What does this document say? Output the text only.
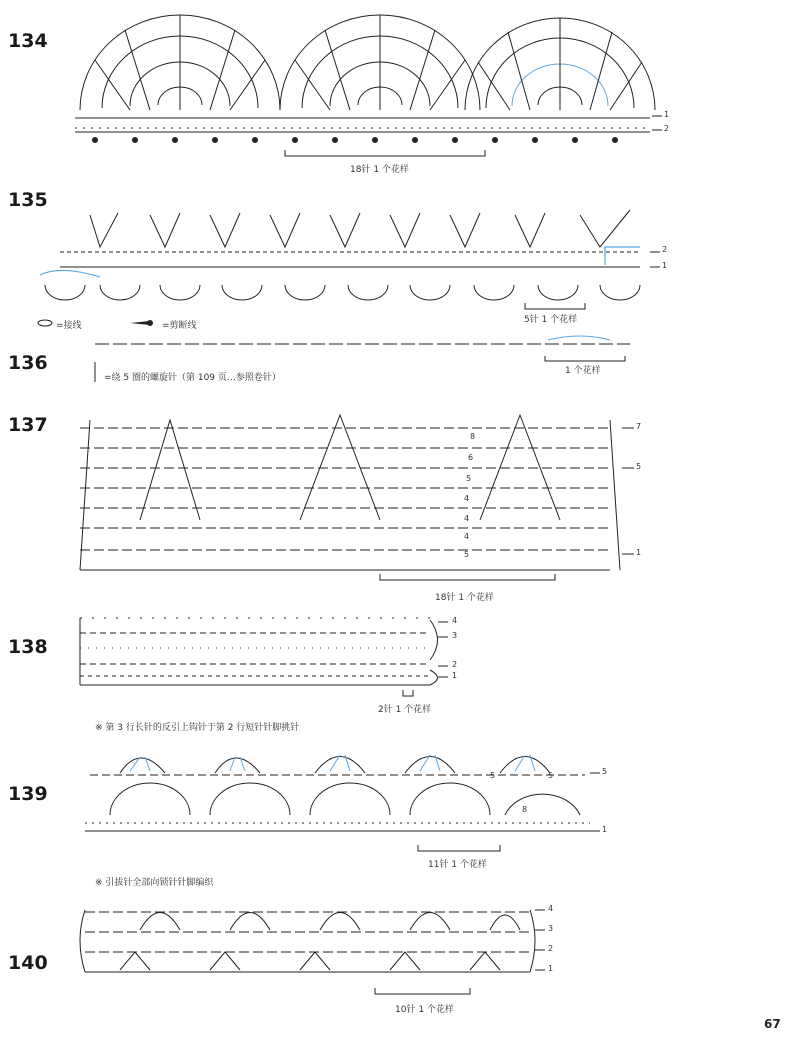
134
1
2
18针 1 个花样
135
2
1
5针 1 个花样
=接线	=剪断线
136	1 个花样
=绕 5 圈的螺旋针（第 109 页…参照卷针）
137	7
5
1
8
6
5
4
4
4
5
18针 1 个花样
138
4
3
2
1
2针 1 个花样
※ 第 3 行长针的反引上钩针于第 2 行短针针脚挑针
139
5	5
8
5
1
11针 1 个花样
※ 引拔针全部向锁针针脚编织
140
4
3
2
1
10针 1 个花样
67
